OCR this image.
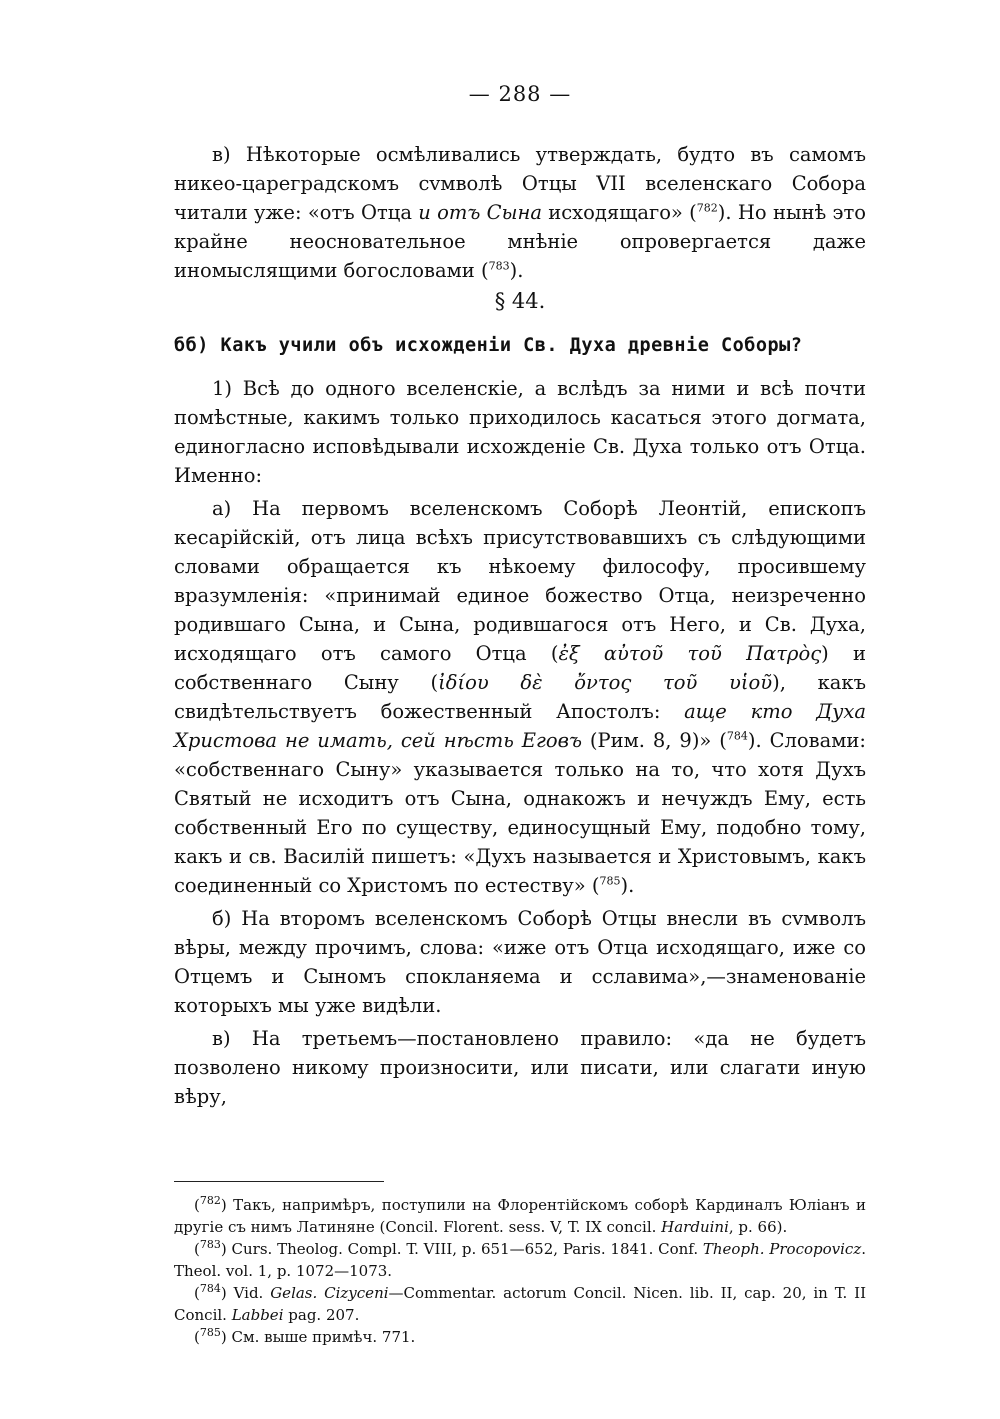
— 288 —

в) Нѣкоторые осмѣливались утверждать, будто въ самомъ никео-цареградскомъ сvмволѣ Отцы VII вселенскаго Собора читали уже: «отъ Отца и отъ Сына исходящаго» ($^{782}$). Но нынѣ это крайне неосновательное мнѣніе опровергается даже иномыслящими богословами ($^{783}$).

§ 44.
бб) Какъ учили объ исхожденіи Св. Духа древніе Соборы?

1) Всѣ до одного вселенскіе, а вслѣдъ за ними и всѣ почти помѣстные, какимъ только приходилось касаться этого догмата, единогласно исповѣдывали исхожденіе Св. Духа только отъ Отца. Именно:

а) На первомъ вселенскомъ Соборѣ Леонтій, епископъ кесарійскій, отъ лица всѣхъ присутствовавшихъ съ слѣдующими словами обращается къ нѣкоему философу, просившему вразумленія: «принимай единое божество Отца, неизреченно родившаго Сына, и Сына, родившагося отъ Него, и Св. Духа, исходящаго отъ самого Отца (ἐξ αὐτοῦ τοῦ Πατρὸς) и собственнаго Сыну (ἰδίου δὲ ὄντος τοῦ υἱοῦ), какъ свидѣтельствуетъ божественный Апостолъ: аще кто Духа Христова не имать, сей нѣсть Еговъ (Рим. 8, 9)» ($^{784}$). Словами: «собственнаго Сыну» указывается только на то, что хотя Духъ Святый не исходитъ отъ Сына, однакожъ и нечуждъ Ему, есть собственный Его по существу, единосущный Ему, подобно тому, какъ и св. Василій пишетъ: «Духъ называется и Христовымъ, какъ соединенный со Христомъ по естеству» ($^{785}$).

б) На второмъ вселенскомъ Соборѣ Отцы внесли въ сvмволъ вѣры, между прочимъ, слова: «иже отъ Отца исходящаго, иже со Отцемъ и Сыномъ спокланяема и сславима»,—знаменованіе которыхъ мы уже видѣли.

в) На третьемъ—постановлено правило: «да не будетъ позволено никому произносити, или писати, или слагати иную вѣру,

($^{782}$) Такъ, напримѣръ, поступили на Флорентійскомъ соборѣ Кардиналъ Юліанъ и другіе съ нимъ Латиняне (Concil. Florent. sess. V, T. IX concil. Harduini, p. 66).

($^{783}$) Curs. Theolog. Compl. T. VIII, p. 651—652, Paris. 1841. Conf. Theoph. Procopovicz. Theol. vol. 1, p. 1072—1073.

($^{784}$) Vid. Gelas. Cizyceni—Commentar. actorum Concil. Nicen. lib. II, cap. 20, in T. II Concil. Labbei pag. 207.

($^{785}$) См. выше примѣч. 771.
